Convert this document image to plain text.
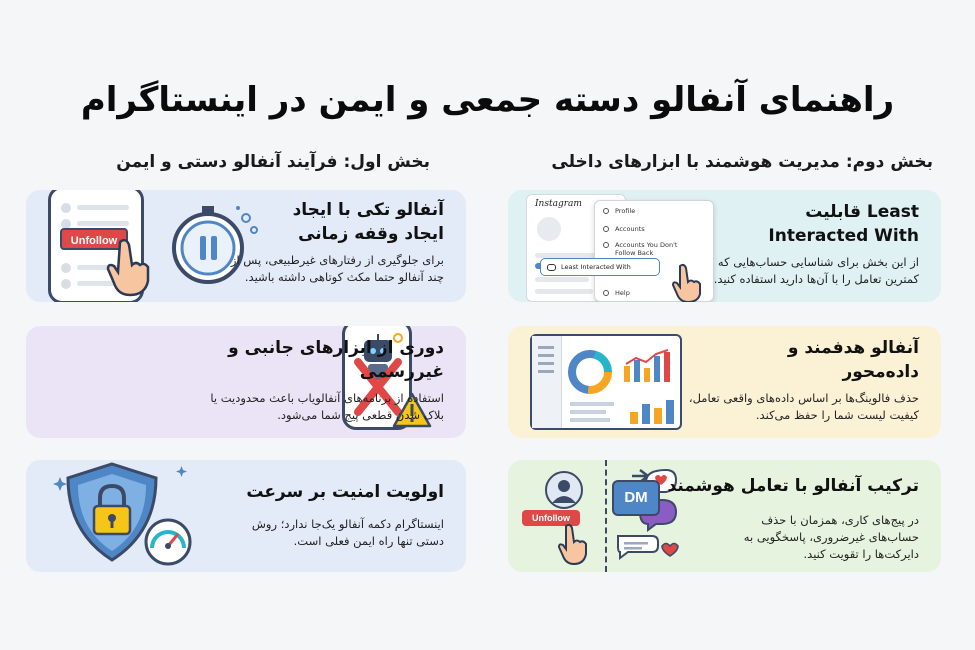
راهنمای آنفالو دسته جمعی و ایمن در اینستاگرام
بخش دوم: مدیریت هوشمند با ابزارهای داخلی
بخش اول: فرآیند آنفالو دستی و ایمن
Instagram
Profile
Accounts
Accounts You Don't
Follow Back
Help
Least Interacted With
قابلیت Least Interacted With
از این بخش برای شناسایی حساب‌هایی که
کمترین تعامل را با آن‌ها دارید استفاده کنید.
آنفالو هدفمند و
داده‌محور
حذف فالوینگ‌ها بر اساس داده‌های واقعی تعامل،
کیفیت لیست شما را حفظ می‌کند.
Unfollow
DM
ترکیب آنفالو با تعامل هوشمند
در پیج‌های کاری، همزمان با حذف
حساب‌های غیرضروری، پاسخگویی به
دایرکت‌ها را تقویت کنید.
Unfollow
آنفالو تکی با ایجاد
ایجاد وقفه زمانی
برای جلوگیری از رفتارهای غیرطبیعی، پس از
چند آنفالو حتما مکث کوتاهی داشته باشید.
دوری از ابزارهای جانبی و
غیررسمی
استفاده از برنامه‌های آنفالویاب باعث محدودیت یا
بلاک شدن قطعی پیج شما می‌شود.
اولویت امنیت بر سرعت
اینستاگرام دکمه آنفالو یک‌جا ندارد؛ روش
دستی تنها راه ایمن فعلی است.
